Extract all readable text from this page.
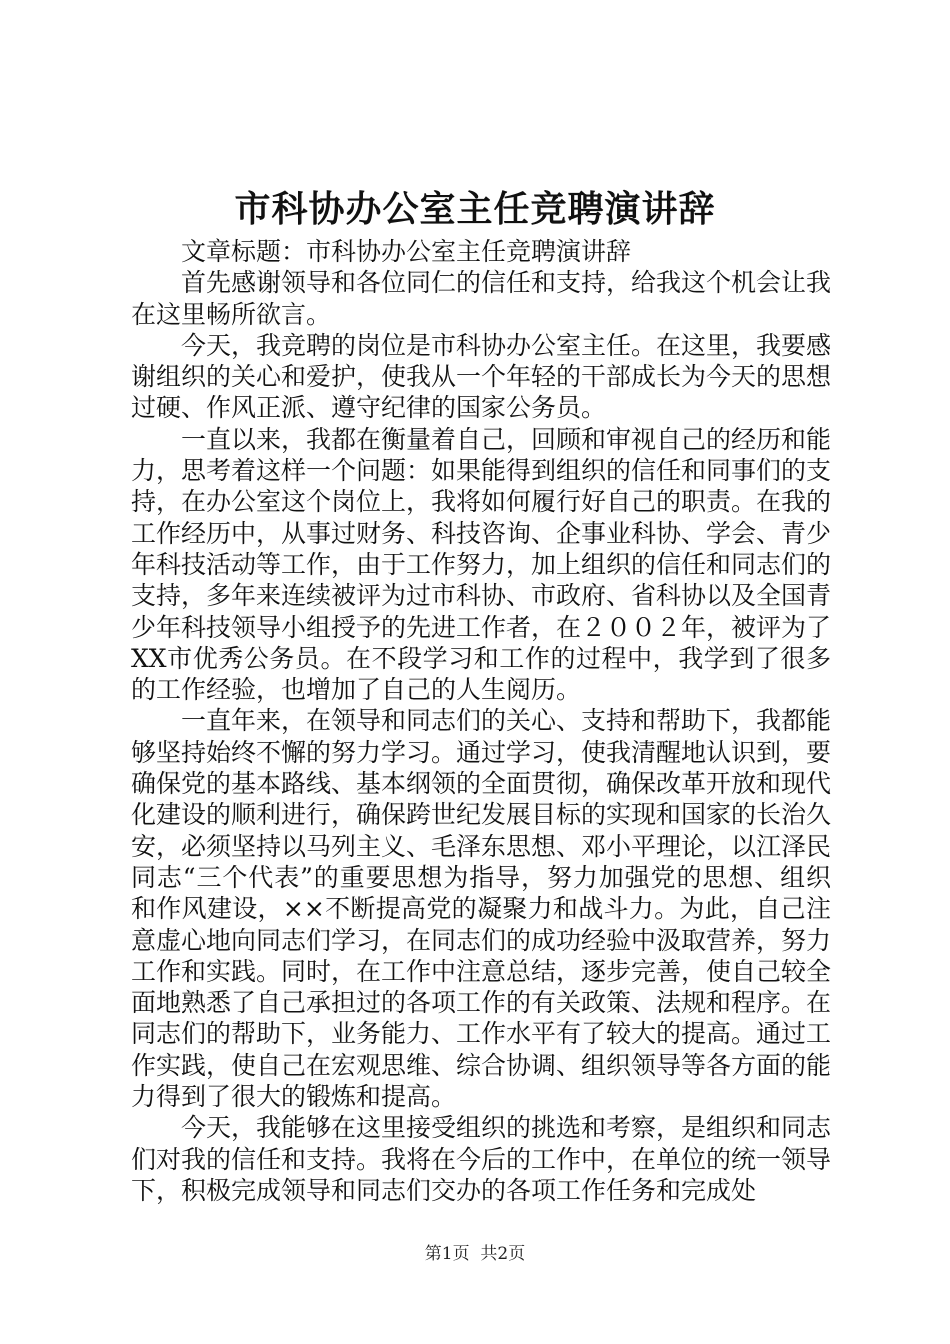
市科协办公室主任竞聘演讲辞

文章标题：市科协办公室主任竞聘演讲辞

首先感谢领导和各位同仁的信任和支持，给我这个机会让我在这里畅所欲言。

今天，我竞聘的岗位是市科协办公室主任。在这里，我要感谢组织的关心和爱护，使我从一个年轻的干部成长为今天的思想过硬、作风正派、遵守纪律的国家公务员。

一直以来，我都在衡量着自己，回顾和审视自己的经历和能力，思考着这样一个问题：如果能得到组织的信任和同事们的支持，在办公室这个岗位上，我将如何履行好自己的职责。在我的工作经历中，从事过财务、科技咨询、企事业科协、学会、青少年科技活动等工作，由于工作努力，加上组织的信任和同志们的支持，多年来连续被评为过市科协、市政府、省科协以及全国青少年科技领导小组授予的先进工作者，在２００２年，被评为了XX市优秀公务员。在不段学习和工作的过程中，我学到了很多的工作经验，也增加了自己的人生阅历。

一直年来，在领导和同志们的关心、支持和帮助下，我都能够坚持始终不懈的努力学习。通过学习，使我清醒地认识到，要确保党的基本路线、基本纲领的全面贯彻，确保改革开放和现代化建设的顺利进行，确保跨世纪发展目标的实现和国家的长治久安，必须坚持以马列主义、毛泽东思想、邓小平理论，以江泽民同志“三个代表”的重要思想为指导，努力加强党的思想、组织和作风建设，××不断提高党的凝聚力和战斗力。为此，自己注意虚心地向同志们学习，在同志们的成功经验中汲取营养，努力工作和实践。同时，在工作中注意总结，逐步完善，使自己较全面地熟悉了自己承担过的各项工作的有关政策、法规和程序。在同志们的帮助下，业务能力、工作水平有了较大的提高。通过工作实践，使自己在宏观思维、综合协调、组织领导等各方面的能力得到了很大的锻炼和提高。

今天，我能够在这里接受组织的挑选和考察，是组织和同志们对我的信任和支持。我将在今后的工作中，在单位的统一领导下，积极完成领导和同志们交办的各项工作任务和完成处

第1页 共2页
